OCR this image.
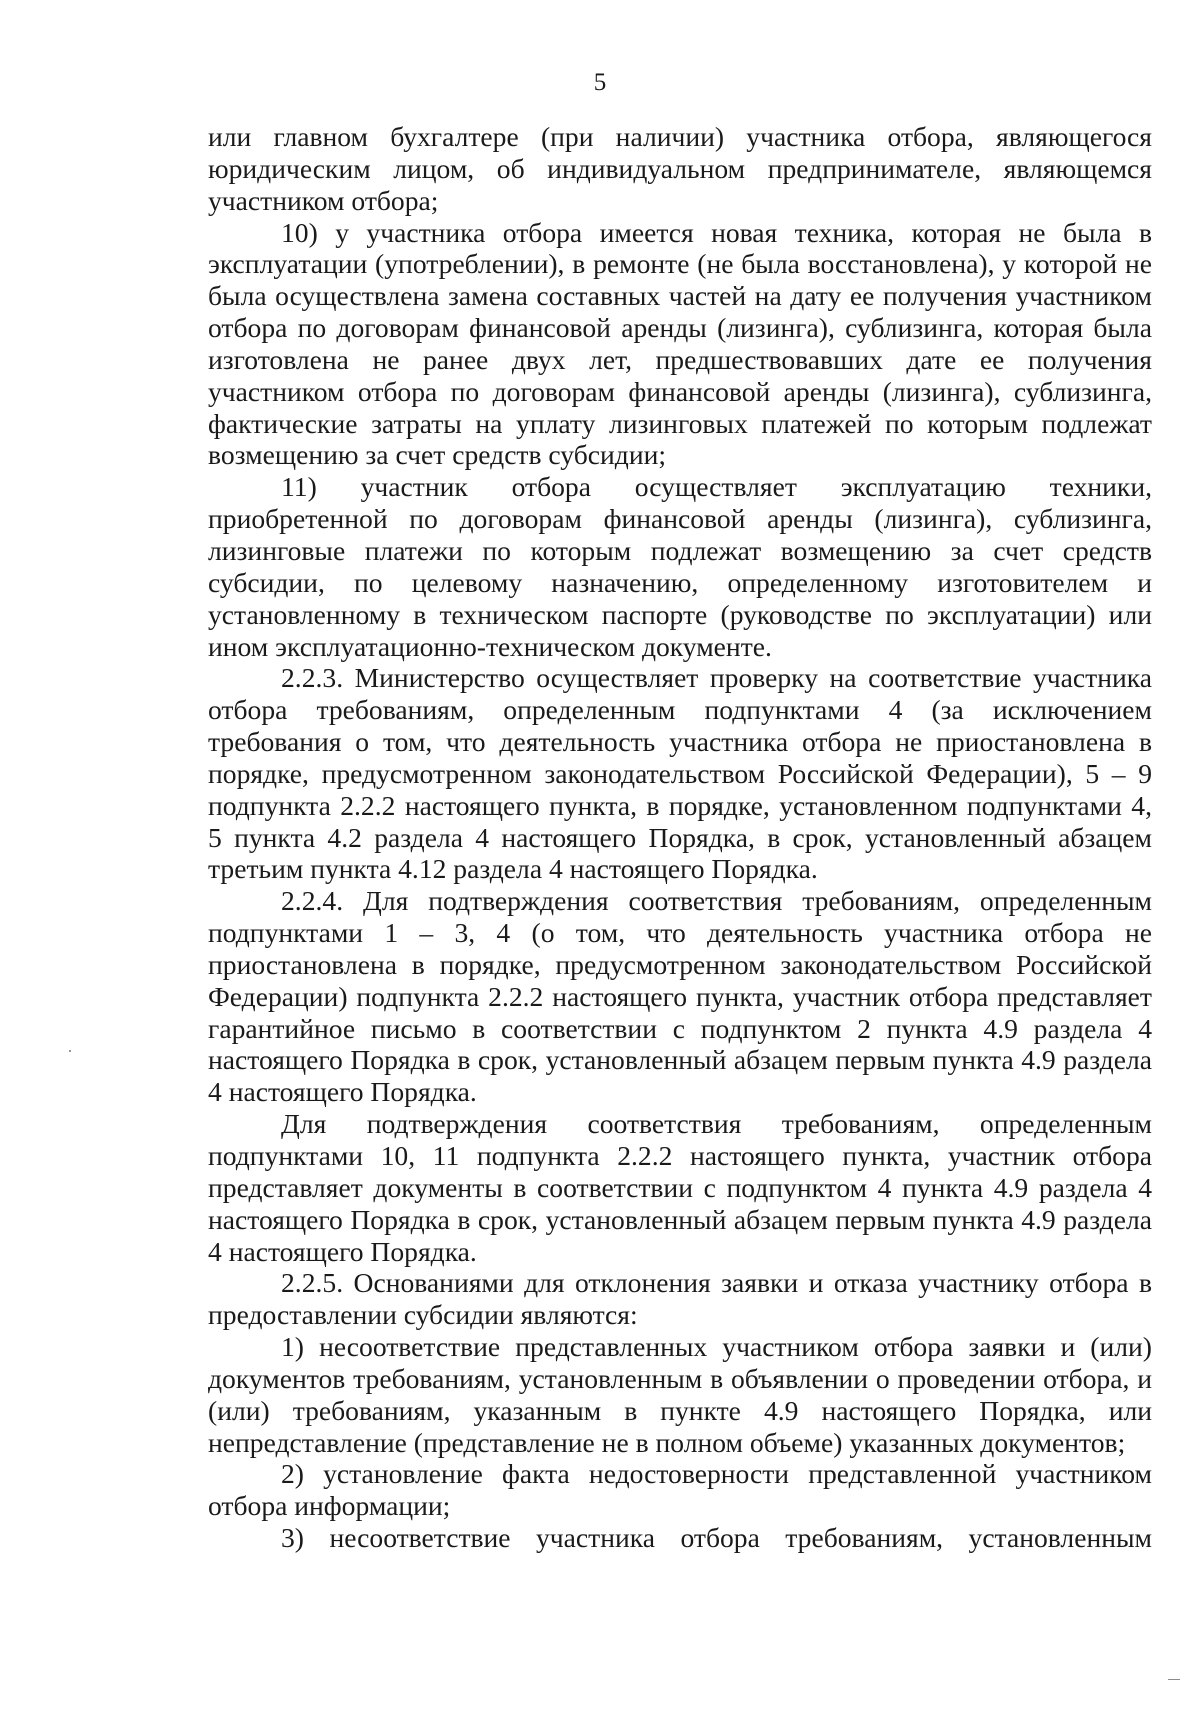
5

или главном бухгалтере (при наличии) участника отбора, являющегося юридическим лицом, об индивидуальном предпринимателе, являющемся участником отбора;

10) у участника отбора имеется новая техника, которая не была в эксплуатации (употреблении), в ремонте (не была восстановлена), у которой не была осуществлена замена составных частей на дату ее получения участником отбора по договорам финансовой аренды (лизинга), сублизинга, которая была изготовлена не ранее двух лет, предшествовавших дате ее получения участником отбора по договорам финансовой аренды (лизинга), сублизинга, фактические затраты на уплату лизинговых платежей по которым подлежат возмещению за счет средств субсидии;

11) участник отбора осуществляет эксплуатацию техники, приобретенной по договорам финансовой аренды (лизинга), сублизинга, лизинговые платежи по которым подлежат возмещению за счет средств субсидии, по целевому назначению, определенному изготовителем и установленному в техническом паспорте (руководстве по эксплуатации) или ином эксплуатационно-техническом документе.

2.2.3. Министерство осуществляет проверку на соответствие участника отбора требованиям, определенным подпунктами 4 (за исключением требования о том, что деятельность участника отбора не приостановлена в порядке, предусмотренном законодательством Российской Федерации), 5 – 9 подпункта 2.2.2 настоящего пункта, в порядке, установленном подпунктами 4, 5 пункта 4.2 раздела 4 настоящего Порядка, в срок, установленный абзацем третьим пункта 4.12 раздела 4 настоящего Порядка.

2.2.4. Для подтверждения соответствия требованиям, определенным подпунктами 1 – 3, 4 (о том, что деятельность участника отбора не приостановлена в порядке, предусмотренном законодательством Российской Федерации) подпункта 2.2.2 настоящего пункта, участник отбора представляет гарантийное письмо в соответствии с подпунктом 2 пункта 4.9 раздела 4 настоящего Порядка в срок, установленный абзацем первым пункта 4.9 раздела 4 настоящего Порядка.

Для подтверждения соответствия требованиям, определенным подпунктами 10, 11 подпункта 2.2.2 настоящего пункта, участник отбора представляет документы в соответствии с подпунктом 4 пункта 4.9 раздела 4 настоящего Порядка в срок, установленный абзацем первым пункта 4.9 раздела 4 настоящего Порядка.

2.2.5. Основаниями для отклонения заявки и отказа участнику отбора в предоставлении субсидии являются:

1) несоответствие представленных участником отбора заявки и (или) документов требованиям, установленным в объявлении о проведении отбора, и (или) требованиям, указанным в пункте 4.9 настоящего Порядка, или непредставление (представление не в полном объеме) указанных документов;

2) установление факта недостоверности представленной участником отбора информации;

3) несоответствие участника отбора требованиям, установленным
